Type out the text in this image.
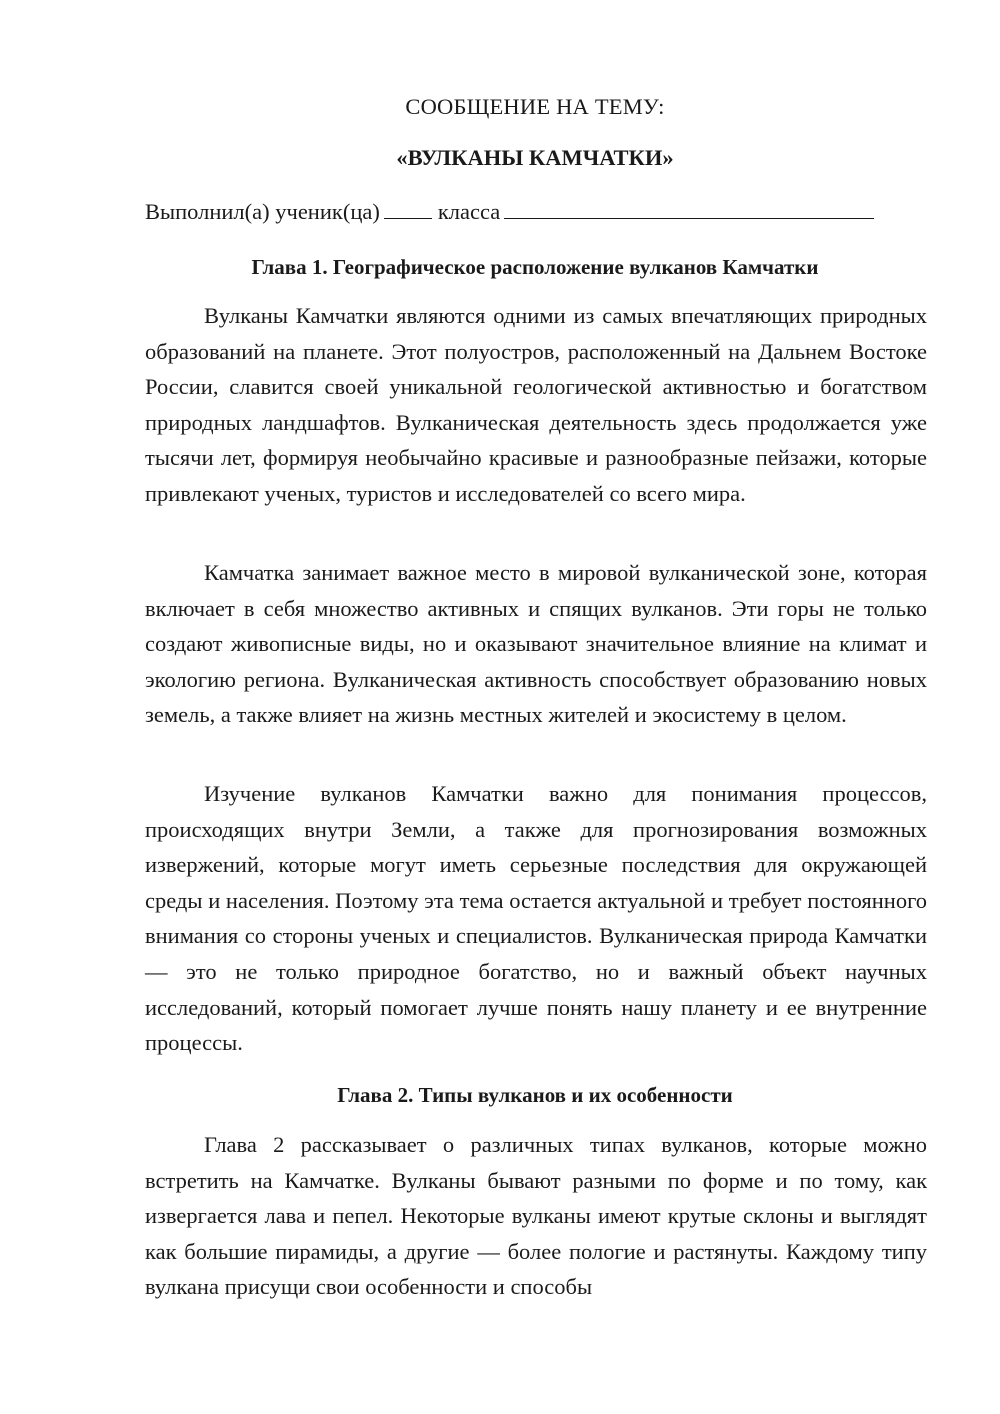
СООБЩЕНИЕ НА ТЕМУ:
«ВУЛКАНЫ КАМЧАТКИ»
Выполнил(а) ученик(ца)	класса
Глава 1. Географическое расположение вулканов Камчатки

Вулканы Камчатки являются одними из самых впечатляющих природных образований на планете. Этот полуостров, расположенный на Дальнем Востоке России, славится своей уникальной геологической активностью и богатством природных ландшафтов. Вулканическая деятельность здесь продолжается уже тысячи лет, формируя необычайно красивые и разнообразные пейзажи, которые привлекают ученых, туристов и исследователей со всего мира.

Камчатка занимает важное место в мировой вулканической зоне, которая включает в себя множество активных и спящих вулканов. Эти горы не только создают живописные виды, но и оказывают значительное влияние на климат и экологию региона. Вулканическая активность способствует образованию новых земель, а также влияет на жизнь местных жителей и экосистему в целом.

Изучение вулканов Камчатки важно для понимания процессов, происходящих внутри Земли, а также для прогнозирования возможных извержений, которые могут иметь серьезные последствия для окружающей среды и населения. Поэтому эта тема остается актуальной и требует постоянного внимания со стороны ученых и специалистов. Вулканическая природа Камчатки — это не только природное богатство, но и важный объект научных исследований, который помогает лучше понять нашу планету и ее внутренние процессы.

Глава 2. Типы вулканов и их особенности

Глава 2 рассказывает о различных типах вулканов, которые можно встретить на Камчатке. Вулканы бывают разными по форме и по тому, как извергается лава и пепел. Некоторые вулканы имеют крутые склоны и выглядят как большие пирамиды, а другие — более пологие и растянуты. Каждому типу вулкана присущи свои особенности и способы
